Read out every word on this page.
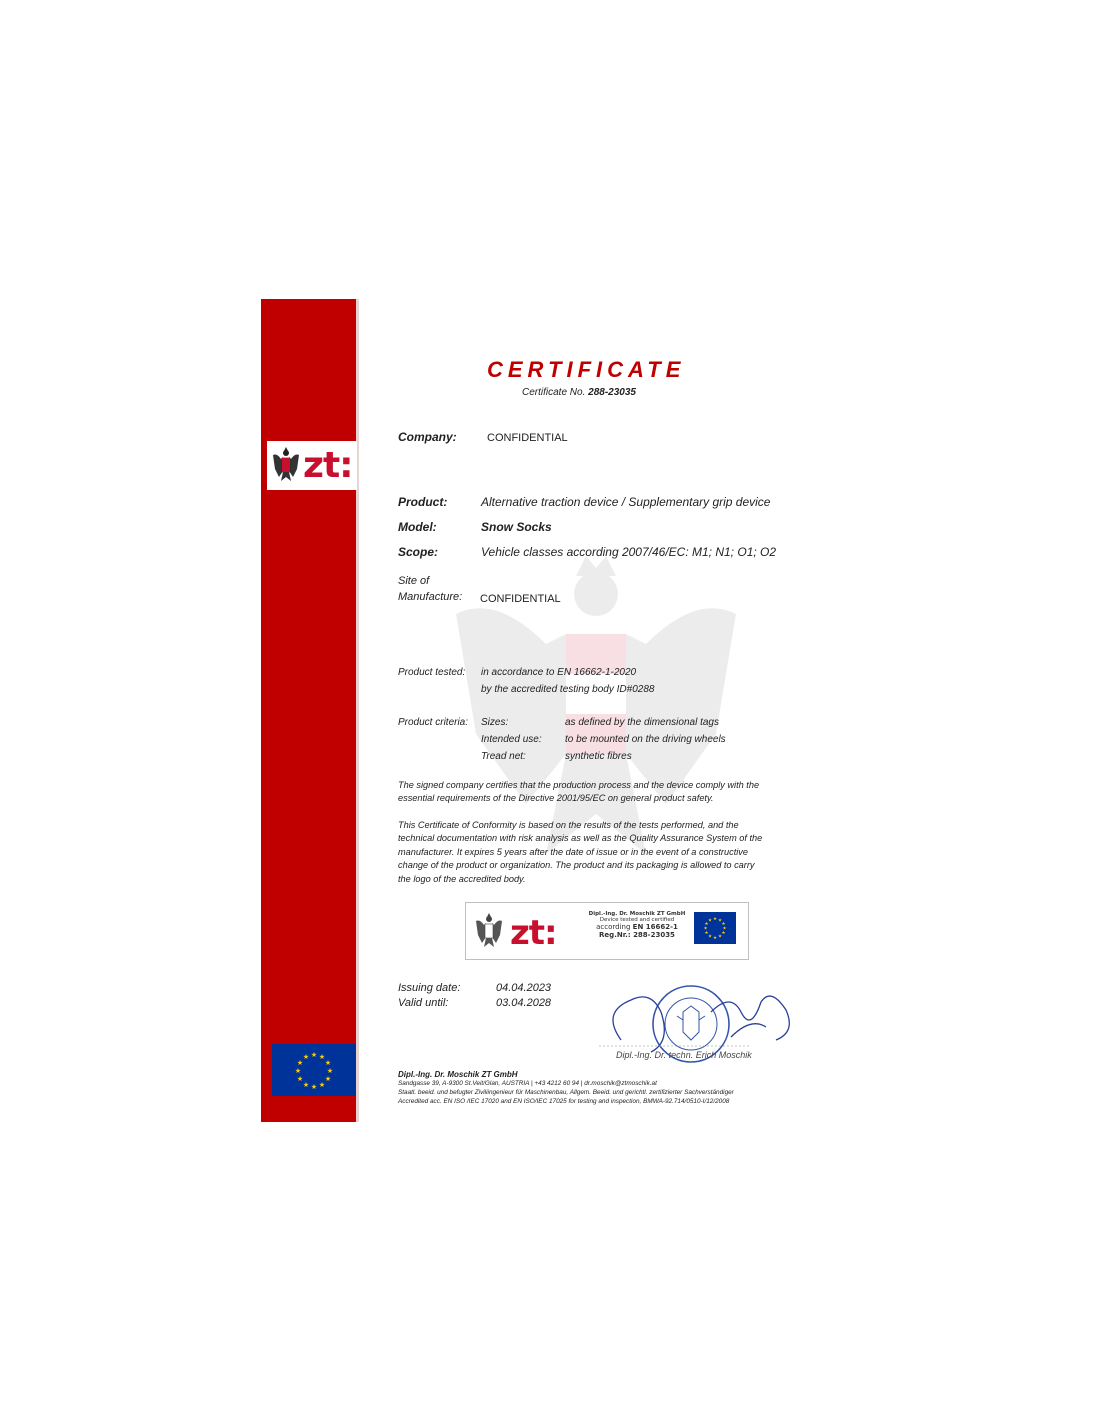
zt:
★ ★
★
★
★
★
★
★
★
★
★
★
CERTIFICATE
Certificate No. 288-23035
Company:	CONFIDENTIAL
Product:	Alternative traction device / Supplementary grip device
Model:	Snow Socks
Scope:	Vehicle classes according 2007/46/EC: M1; N1; O1; O2
Site of
Manufacture: CONFIDENTIAL
Product tested: in accordance to EN 16662-1-2020
by the accredited testing body ID#0288
Product criteria: Sizes:	as defined by the dimensional tags
Intended use: to be mounted on the driving wheels
Tread net:	synthetic fibres
The signed company certifies that the production process and the device comply with the
essential requirements of the Directive 2001/95/EC on general product safety.
This Certificate of Conformity is based on the results of the tests performed, and the
technical documentation with risk analysis as well as the Quality Assurance System of the
manufacturer. It expires 5 years after the date of issue or in the event of a constructive
change of the product or organization. The product and its packaging is allowed to carry
the logo of the accredited body.
zt:	Dipl.-Ing. Dr. Moschik ZT GmbH
Device tested and certified
according EN 16662-1
Reg.Nr.: 288-23035
★ ★
★
★
★
★
★
★
★
★
★
★
Issuing date:	04.04.2023
Valid until:	03.04.2028
Dipl.-Ing. Dr. techn. Erich Moschik
Dipl.-Ing. Dr. Moschik ZT GmbH
Sandgasse 39, A-9300 St.Veit/Glan, AUSTRIA | +43 4212 60 94 | dr.moschik@ztmoschik.at
Staatl. beeid. und befugter Ziviliingenieur für Maschinenbau, Allgem. Beeid. und gerichtl. zertifizierter Sachverständiger
Accredited acc. EN ISO /IEC 17020 and EN ISO/IEC 17025 for testing and inspection, BMWA-92.714/0510-I/12/2008
